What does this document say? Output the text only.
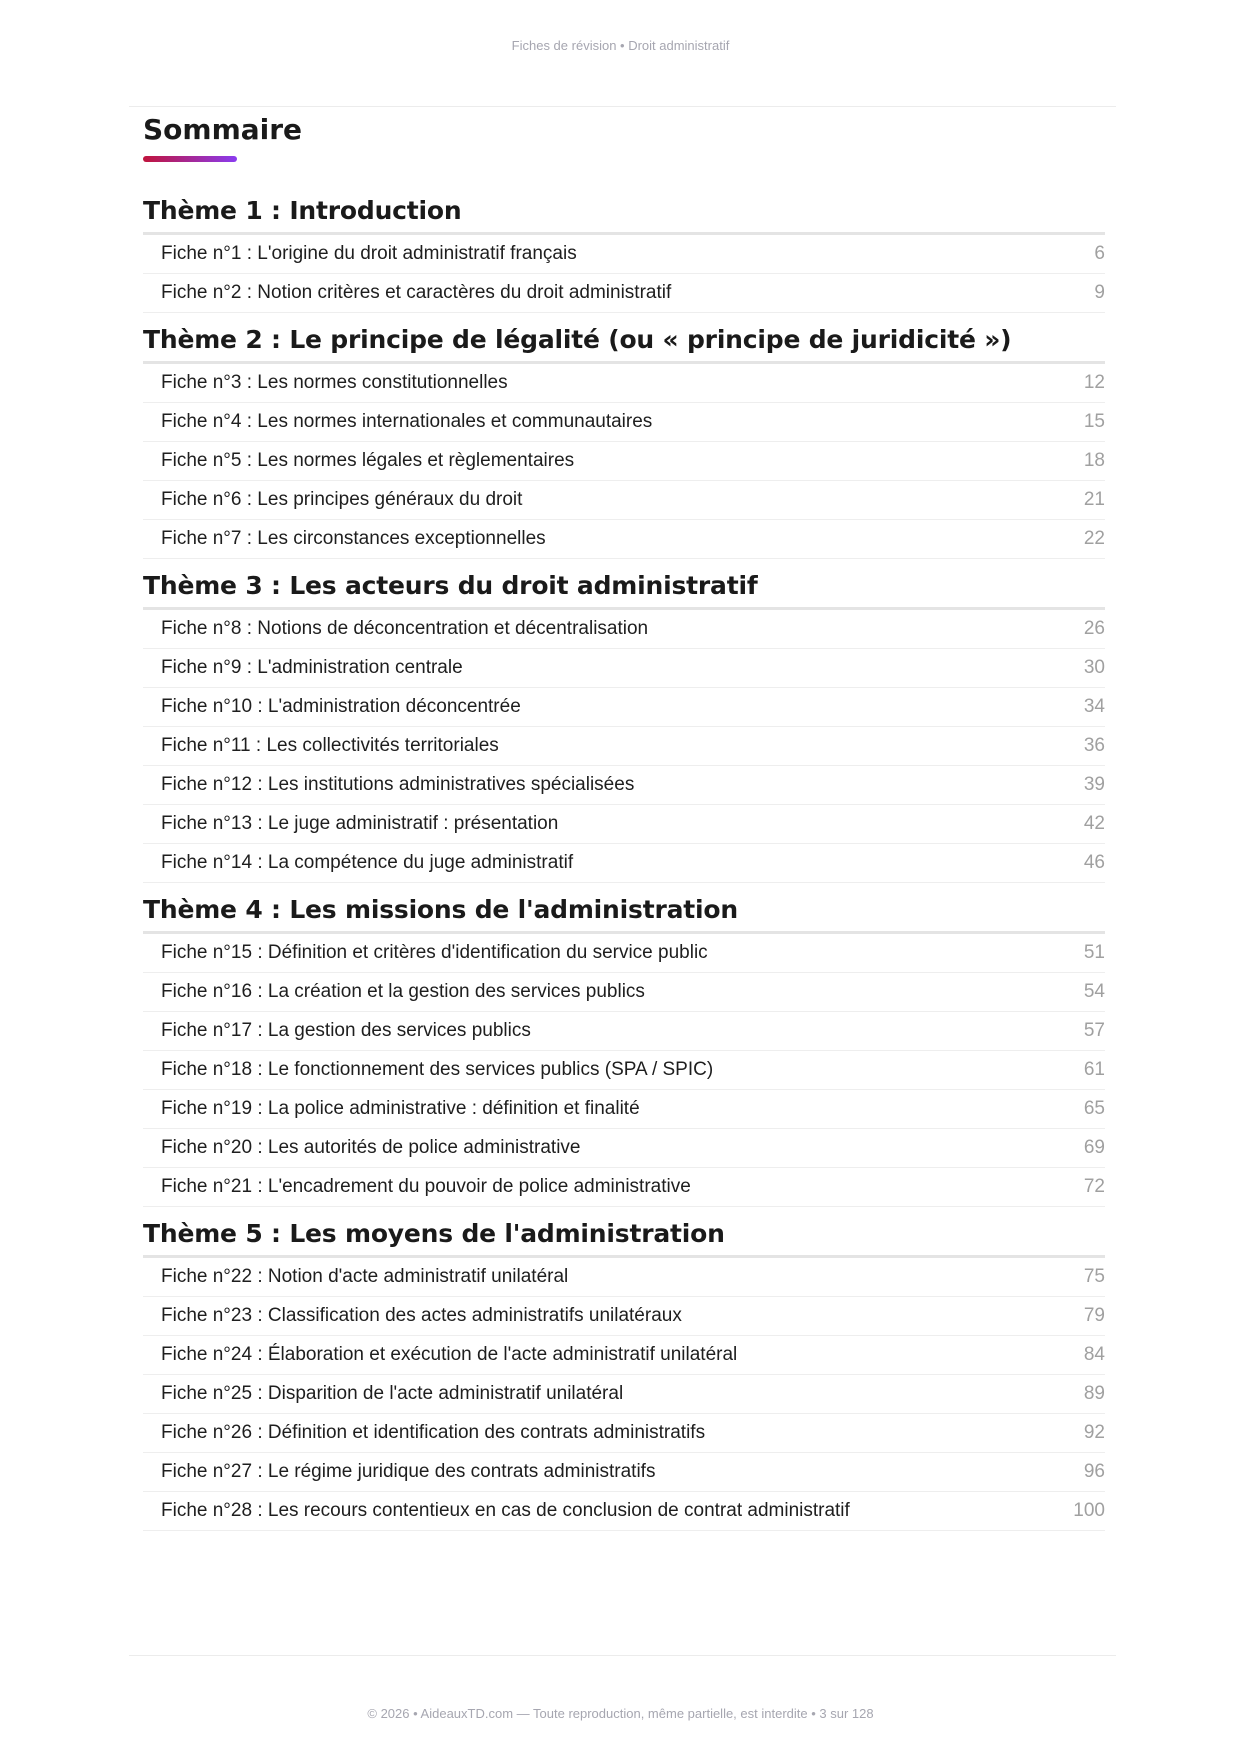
Fiches de révision • Droit administratif
Sommaire
Thème 1 : Introduction
Fiche n°1 : L'origine du droit administratif français	6
Fiche n°2 : Notion critères et caractères du droit administratif	9
Thème 2 : Le principe de légalité (ou « principe de juridicité »)
Fiche n°3 : Les normes constitutionnelles	12
Fiche n°4 : Les normes internationales et communautaires	15
Fiche n°5 : Les normes légales et règlementaires	18
Fiche n°6 : Les principes généraux du droit	21
Fiche n°7 : Les circonstances exceptionnelles	22
Thème 3 : Les acteurs du droit administratif
Fiche n°8 : Notions de déconcentration et décentralisation	26
Fiche n°9 : L'administration centrale	30
Fiche n°10 : L'administration déconcentrée	34
Fiche n°11 : Les collectivités territoriales	36
Fiche n°12 : Les institutions administratives spécialisées	39
Fiche n°13 : Le juge administratif : présentation	42
Fiche n°14 : La compétence du juge administratif	46
Thème 4 : Les missions de l'administration
Fiche n°15 : Définition et critères d'identification du service public	51
Fiche n°16 : La création et la gestion des services publics	54
Fiche n°17 : La gestion des services publics	57
Fiche n°18 : Le fonctionnement des services publics (SPA / SPIC)	61
Fiche n°19 : La police administrative : définition et finalité	65
Fiche n°20 : Les autorités de police administrative	69
Fiche n°21 : L'encadrement du pouvoir de police administrative	72
Thème 5 : Les moyens de l'administration
Fiche n°22 : Notion d'acte administratif unilatéral	75
Fiche n°23 : Classification des actes administratifs unilatéraux	79
Fiche n°24 : Élaboration et exécution de l'acte administratif unilatéral	84
Fiche n°25 : Disparition de l'acte administratif unilatéral	89
Fiche n°26 : Définition et identification des contrats administratifs	92
Fiche n°27 : Le régime juridique des contrats administratifs	96
Fiche n°28 : Les recours contentieux en cas de conclusion de contrat administratif	100
© 2026 • AideauxTD.com — Toute reproduction, même partielle, est interdite • 3 sur 128
